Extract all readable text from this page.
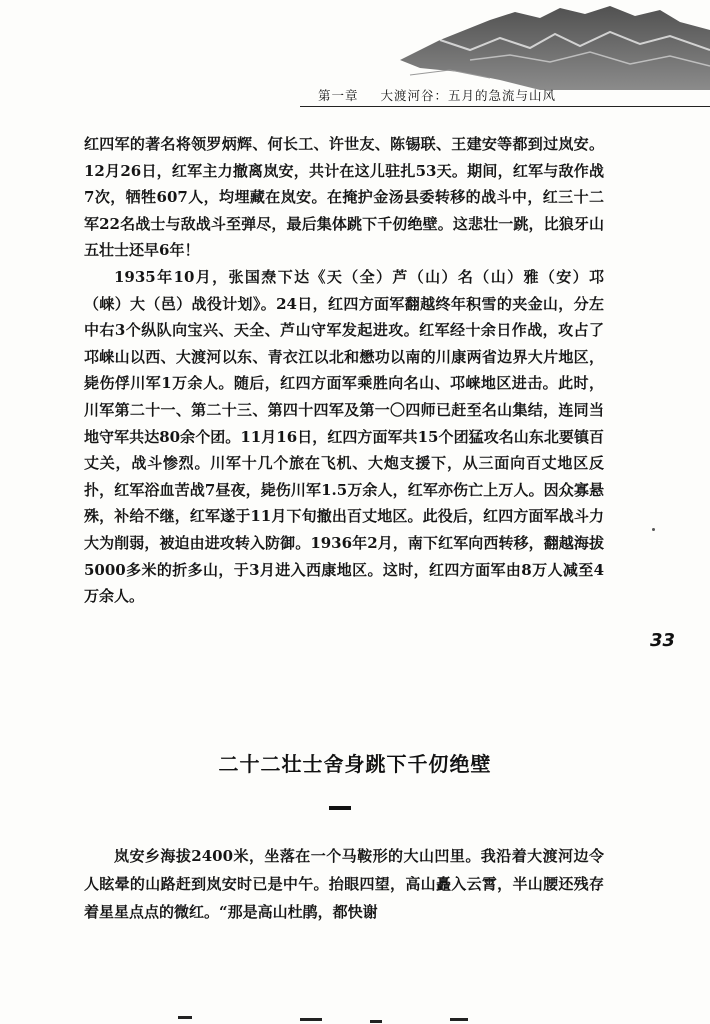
第一章 大渡河谷：五月的急流与山风

红四军的著名将领罗炳辉、何长工、许世友、陈锡联、王建安等都到过岚安。12月26日，红军主力撤离岚安，共计在这儿驻扎53天。期间，红军与敌作战7次，牺牲607人，均埋藏在岚安。在掩护金汤县委转移的战斗中，红三十二军22名战士与敌战斗至弹尽，最后集体跳下千仞绝壁。这悲壮一跳，比狼牙山五壮士还早6年！

1935年10月，张国焘下达《天（全）芦（山）名（山）雅（安）邛（崃）大（邑）战役计划》。24日，红四方面军翻越终年积雪的夹金山，分左中右3个纵队向宝兴、天全、芦山守军发起进攻。红军经十余日作战，攻占了邛崃山以西、大渡河以东、青衣江以北和懋功以南的川康两省边界大片地区，毙伤俘川军1万余人。随后，红四方面军乘胜向名山、邛崃地区进击。此时，川军第二十一、第二十三、第四十四军及第一〇四师已赶至名山集结，连同当地守军共达80余个团。11月16日，红四方面军共15个团猛攻名山东北要镇百丈关，战斗惨烈。川军十几个旅在飞机、大炮支援下，从三面向百丈地区反扑，红军浴血苦战7昼夜，毙伤川军1.5万余人，红军亦伤亡上万人。因众寡悬殊，补给不继，红军遂于11月下旬撤出百丈地区。此役后，红四方面军战斗力大为削弱，被迫由进攻转入防御。1936年2月，南下红军向西转移，翻越海拔5000多米的折多山，于3月进入西康地区。这时，红四方面军由8万人减至4万余人。

33
二十二壮士舍身跳下千仞绝壁

岚安乡海拔2400米，坐落在一个马鞍形的大山凹里。我沿着大渡河边令人眩晕的山路赶到岚安时已是中午。抬眼四望，高山矗入云霄，半山腰还残存着星星点点的微红。“那是高山杜鹃，都快谢
